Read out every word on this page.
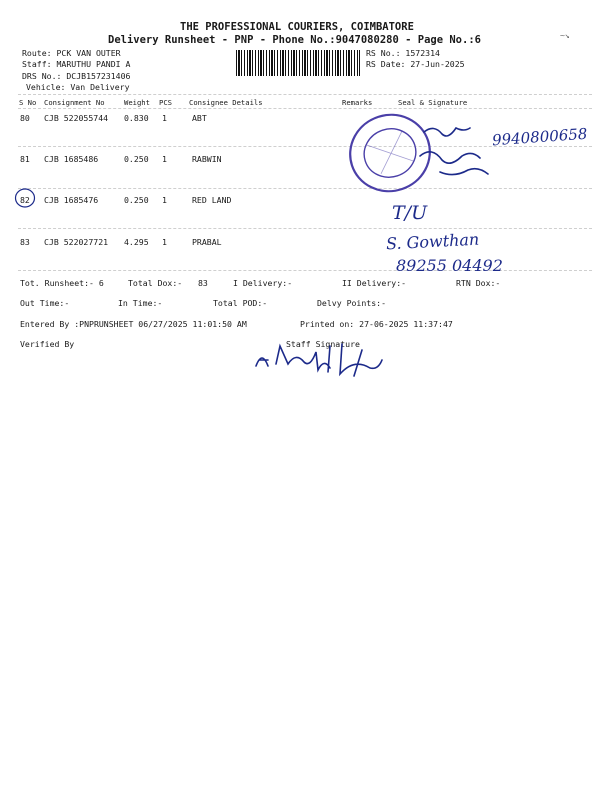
THE PROFESSIONAL COURIERS, COIMBATORE
Delivery Runsheet - PNP - Phone No.:9047080280 - Page No.:6	~↘
Route: PCK VAN OUTER
Staff: MARUTHU PANDI A
DRS No.: DCJB157231406
Vehicle: Van Delivery
RS No.: 1572314
RS Date: 27-Jun-2025
S No Consignment No	Weight PCS Consignee Details	Remarks	Seal & Signature
80 CJB 522055744 0.830 1	ABT
81 CJB 1685486	0.250 1	RABWIN
82 CJB 1685476	0.250 1	RED LAND
83 CJB 522027721 4.295 1	PRABAL
Tot. Runsheet:- 6	Total Dox:- 83	I Delivery:-	II Delivery:-	RTN Dox:-
Out Time:-	In Time:-	Total POD:-	Delvy Points:-
Entered By :PNPRUNSHEET 06/27/2025 11:01:50 AM	Printed on: 27-06-2025 11:37:47
Verified By	Staff Signature
9940800658
T/U
S. Gowthan
89255 04492
